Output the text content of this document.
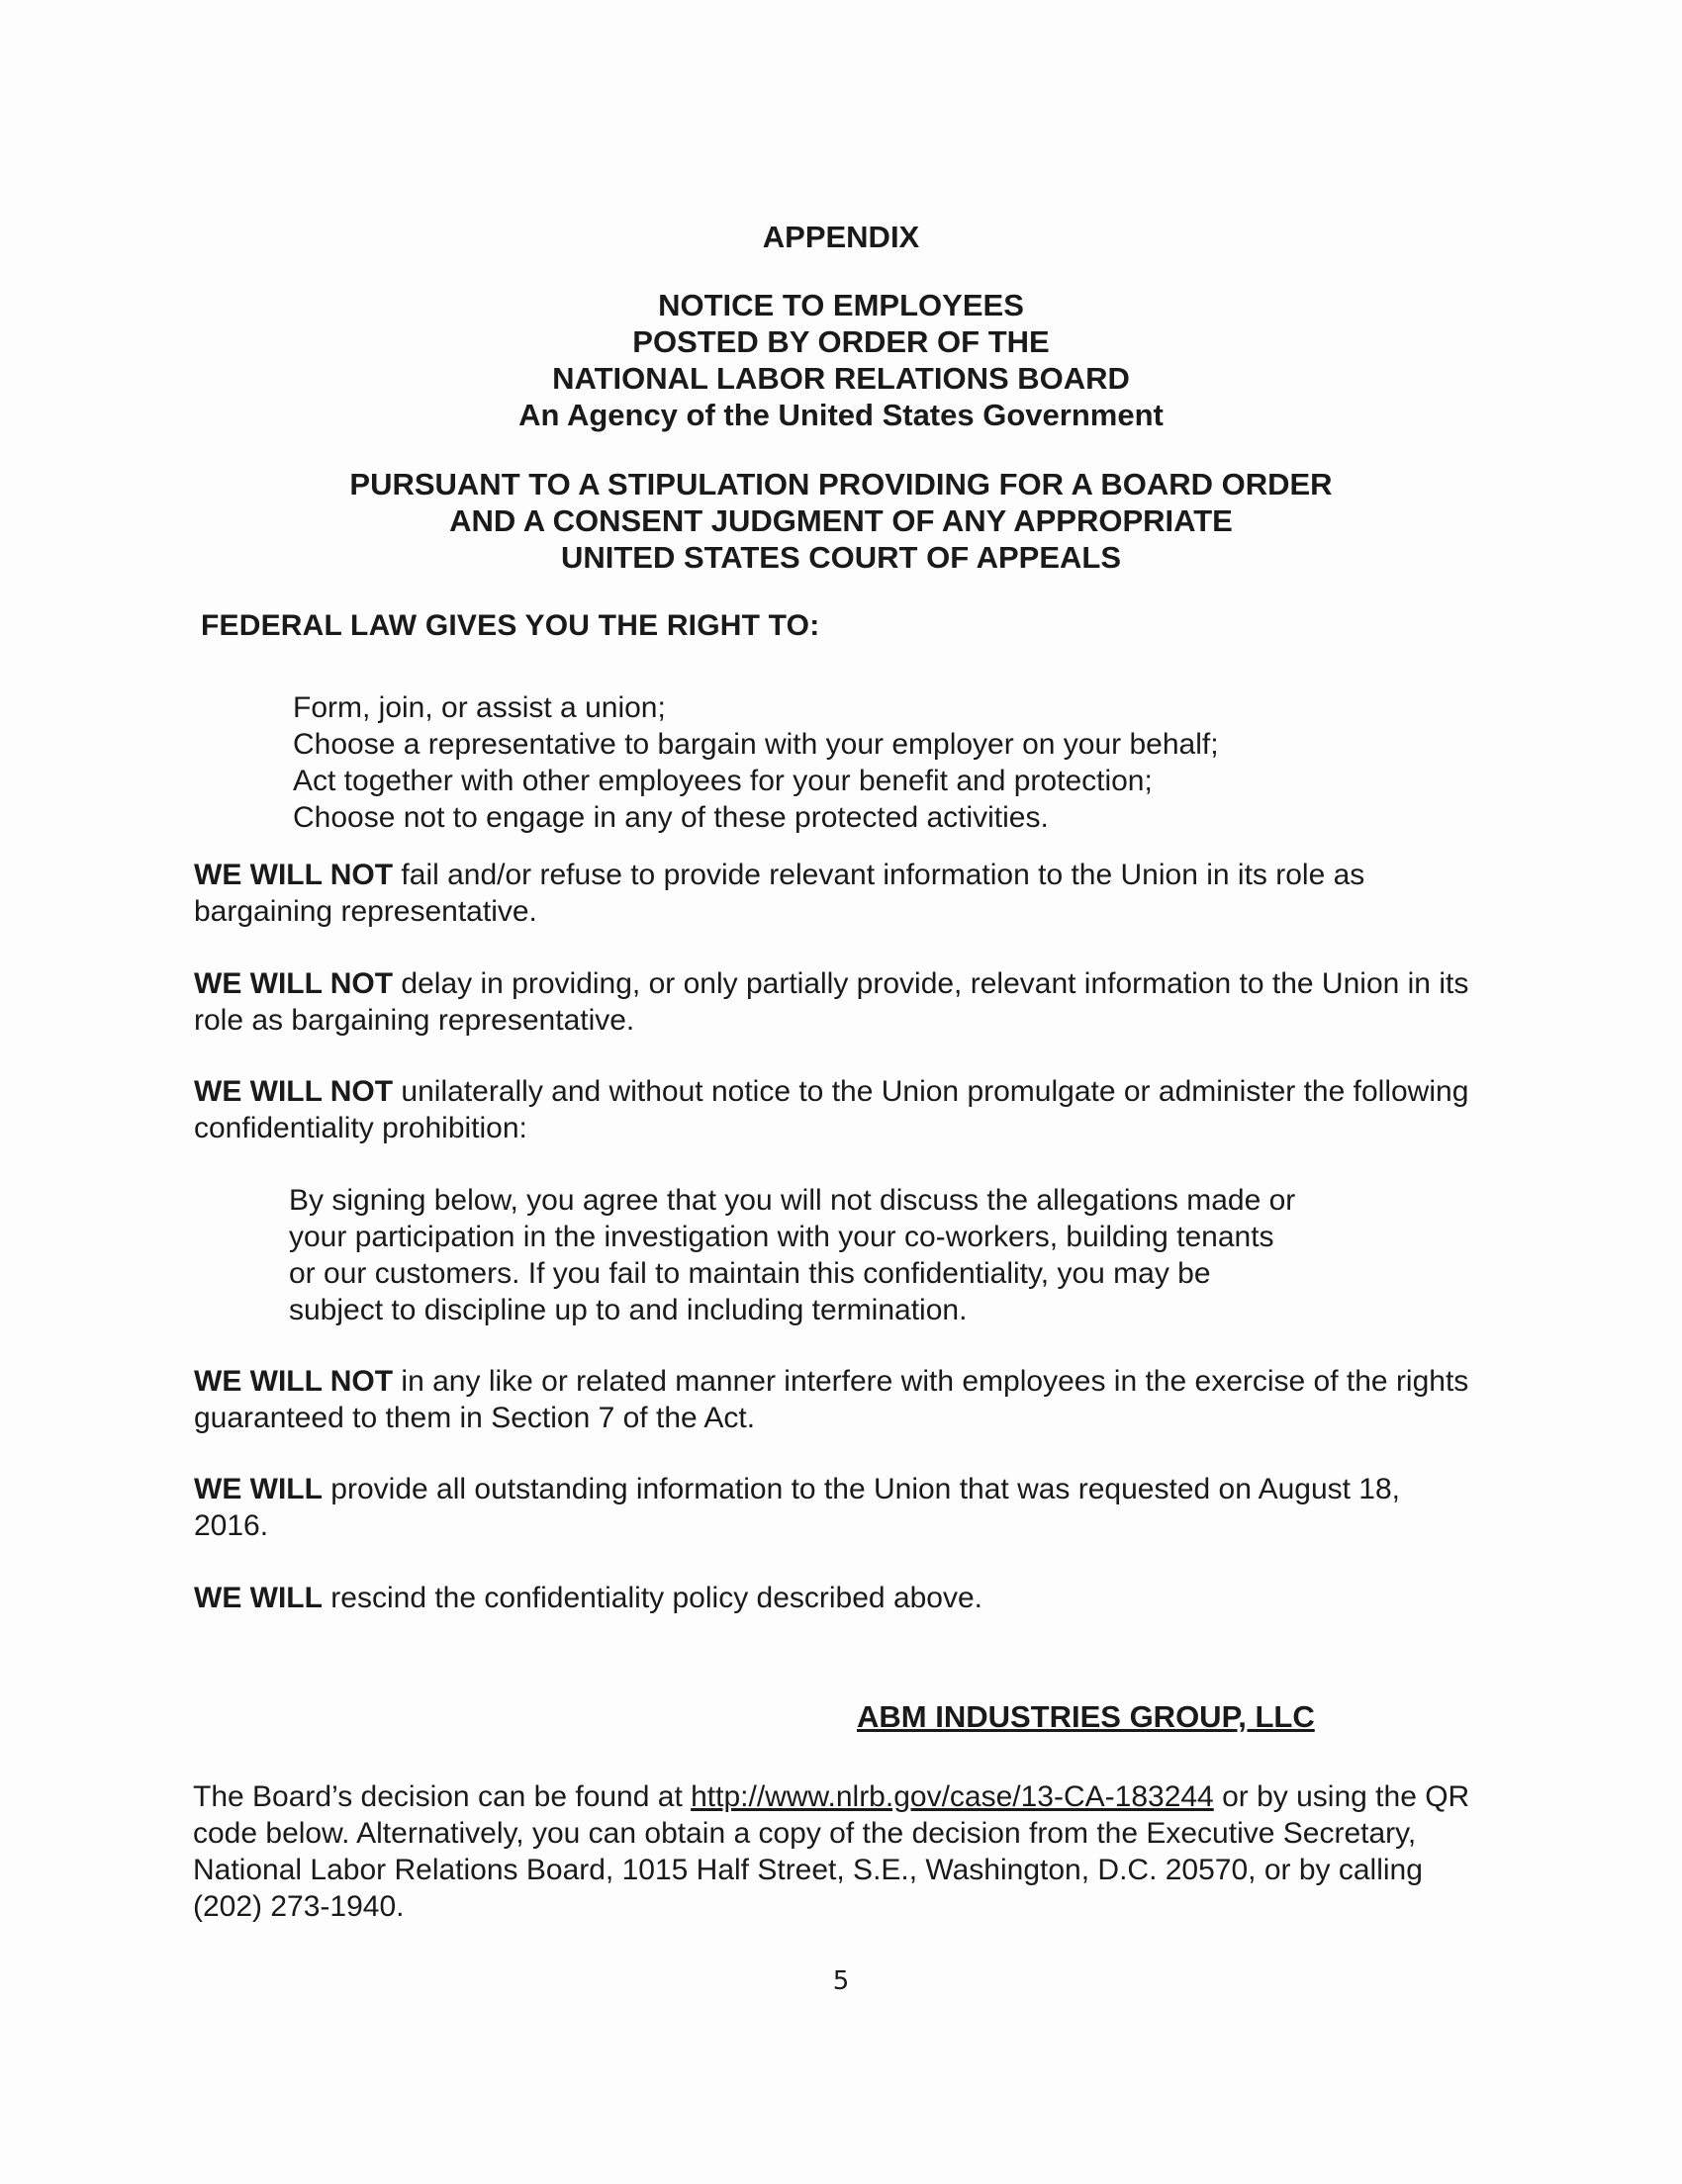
APPENDIX
NOTICE TO EMPLOYEES
POSTED BY ORDER OF THE
NATIONAL LABOR RELATIONS BOARD
An Agency of the United States Government
PURSUANT TO A STIPULATION PROVIDING FOR A BOARD ORDER
AND A CONSENT JUDGMENT OF ANY APPROPRIATE
UNITED STATES COURT OF APPEALS
FEDERAL LAW GIVES YOU THE RIGHT TO:
Form, join, or assist a union;
Choose a representative to bargain with your employer on your behalf;
Act together with other employees for your benefit and protection;
Choose not to engage in any of these protected activities.
WE WILL NOT fail and/or refuse to provide relevant information to the Union in its role as bargaining representative.
WE WILL NOT delay in providing, or only partially provide, relevant information to the Union in its role as bargaining representative.
WE WILL NOT unilaterally and without notice to the Union promulgate or administer the following confidentiality prohibition:
By signing below, you agree that you will not discuss the allegations made or
your participation in the investigation with your co-workers, building tenants
or our customers. If you fail to maintain this confidentiality, you may be
subject to discipline up to and including termination.
WE WILL NOT in any like or related manner interfere with employees in the exercise of the rights guaranteed to them in Section 7 of the Act.
WE WILL provide all outstanding information to the Union that was requested on August 18, 2016.
WE WILL rescind the confidentiality policy described above.
ABM INDUSTRIES GROUP, LLC
The Board’s decision can be found at http://www.nlrb.gov/case/13-CA-183244 or by using the QR code below. Alternatively, you can obtain a copy of the decision from the Executive Secretary, National Labor Relations Board, 1015 Half Street, S.E., Washington, D.C. 20570, or by calling (202) 273-1940.
5
